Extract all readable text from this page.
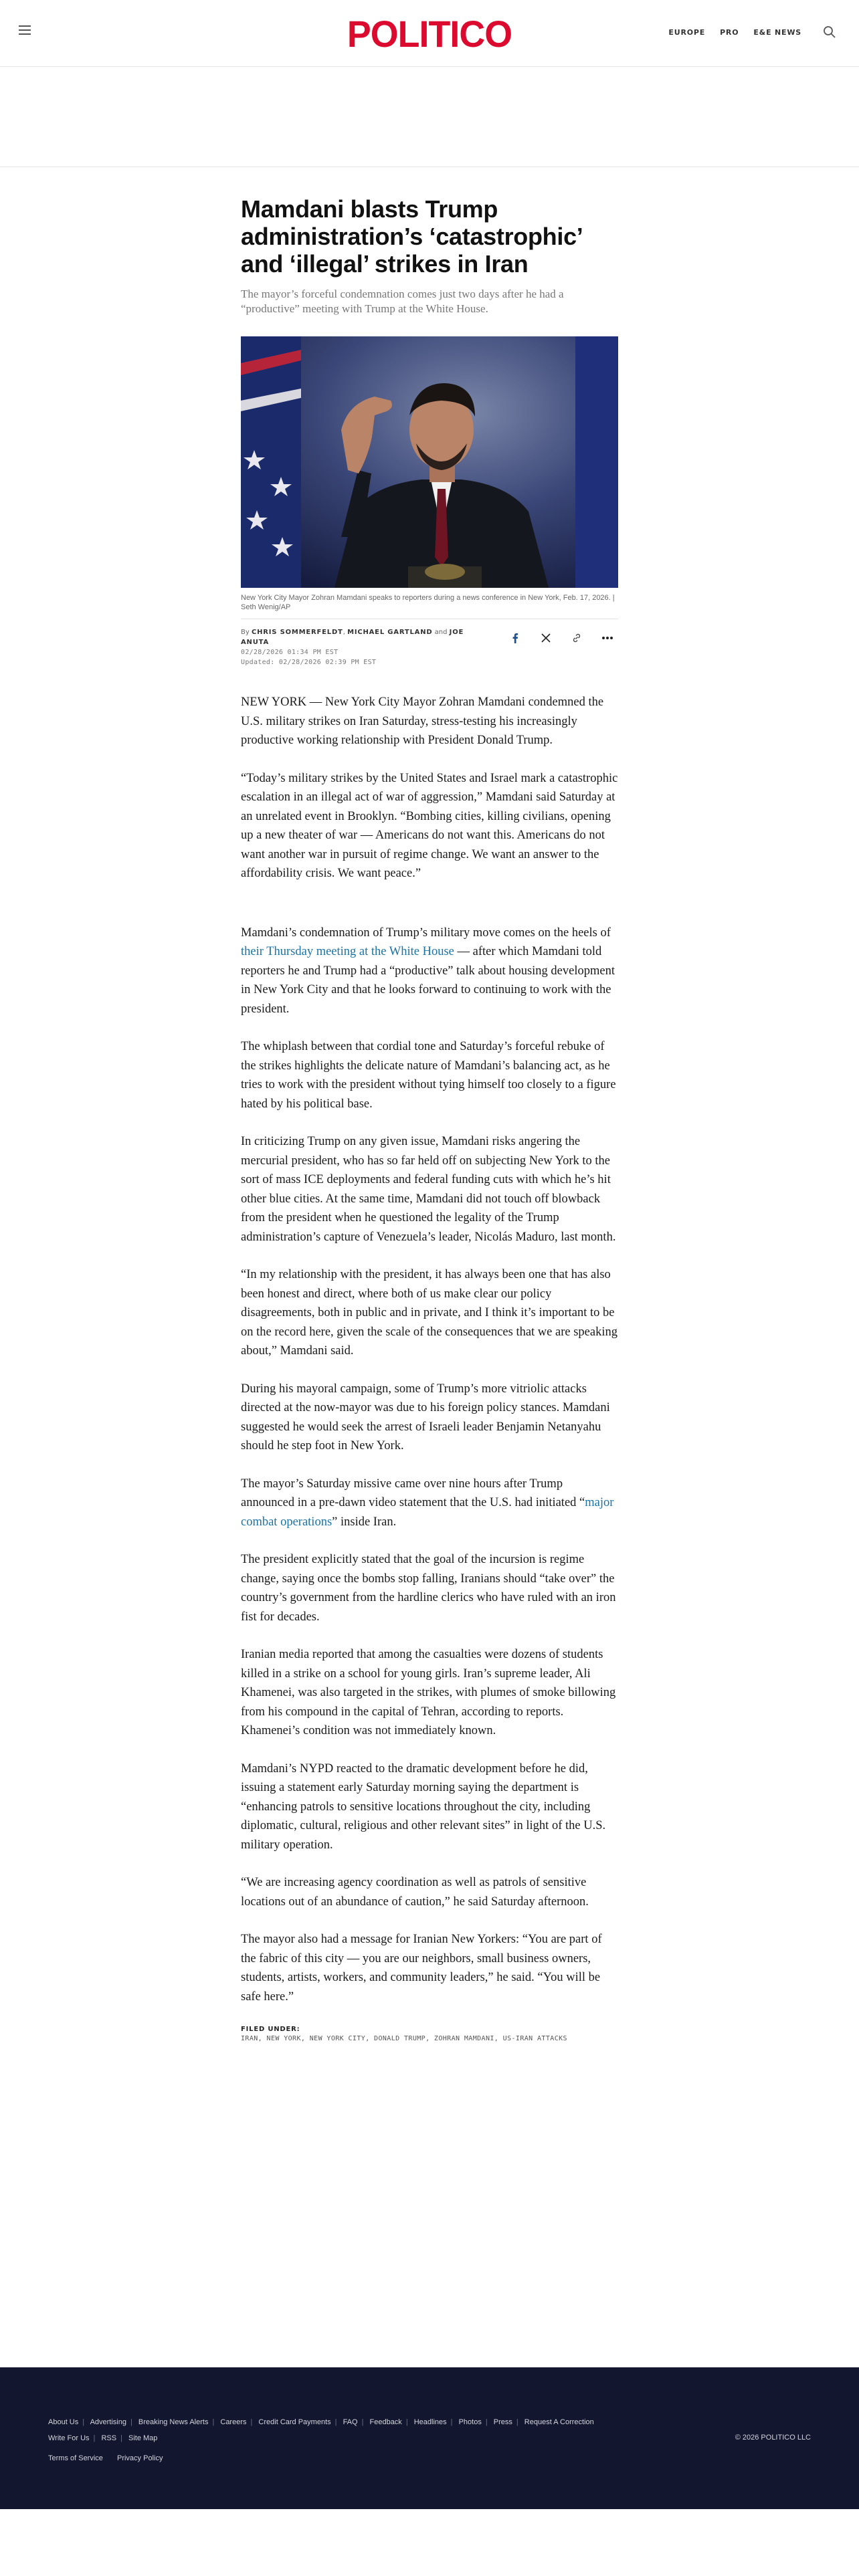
POLITICO	EUROPE PRO E&E NEWS
Mamdani blasts Trump administration’s ‘catastrophic’ and ‘illegal’ strikes in Iran

The mayor’s forceful condemnation comes just two days after he had a “productive” meeting with Trump at the White House.

New York City Mayor Zohran Mamdani speaks to reporters during a news conference in New York, Feb. 17, 2026. | Seth Wenig/AP

By CHRIS SOMMERFELDT, MICHAEL GARTLAND and JOE ANUTA
02/28/2026 01:34 PM EST
Updated: 02/28/2026 02:39 PM EST

NEW YORK — New York City Mayor Zohran Mamdani condemned the U.S. military strikes on Iran Saturday, stress-testing his increasingly productive working relationship with President Donald Trump.

“Today’s military strikes by the United States and Israel mark a catastrophic escalation in an illegal act of war of aggression,” Mamdani said Saturday at an unrelated event in Brooklyn. “Bombing cities, killing civilians, opening up a new theater of war — Americans do not want this. Americans do not want another war in pursuit of regime change. We want an answer to the affordability crisis. We want peace.”

Mamdani’s condemnation of Trump’s military move comes on the heels of their Thursday meeting at the White House — after which Mamdani told reporters he and Trump had a “productive” talk about housing development in New York City and that he looks forward to continuing to work with the president.

The whiplash between that cordial tone and Saturday’s forceful rebuke of the strikes highlights the delicate nature of Mamdani’s balancing act, as he tries to work with the president without tying himself too closely to a figure hated by his political base.

In criticizing Trump on any given issue, Mamdani risks angering the mercurial president, who has so far held off on subjecting New York to the sort of mass ICE deployments and federal funding cuts with which he’s hit other blue cities. At the same time, Mamdani did not touch off blowback from the president when he questioned the legality of the Trump administration’s capture of Venezuela’s leader, Nicolás Maduro, last month.

“In my relationship with the president, it has always been one that has also been honest and direct, where both of us make clear our policy disagreements, both in public and in private, and I think it’s important to be on the record here, given the scale of the consequences that we are speaking about,” Mamdani said.

During his mayoral campaign, some of Trump’s more vitriolic attacks directed at the now-mayor was due to his foreign policy stances. Mamdani suggested he would seek the arrest of Israeli leader Benjamin Netanyahu should he step foot in New York.

The mayor’s Saturday missive came over nine hours after Trump announced in a pre-dawn video statement that the U.S. had initiated “major combat operations” inside Iran.

The president explicitly stated that the goal of the incursion is regime change, saying once the bombs stop falling, Iranians should “take over” the country’s government from the hardline clerics who have ruled with an iron fist for decades.

Iranian media reported that among the casualties were dozens of students killed in a strike on a school for young girls. Iran’s supreme leader, Ali Khamenei, was also targeted in the strikes, with plumes of smoke billowing from his compound in the capital of Tehran, according to reports. Khamenei’s condition was not immediately known.

Mamdani’s NYPD reacted to the dramatic development before he did, issuing a statement early Saturday morning saying the department is “enhancing patrols to sensitive locations throughout the city, including diplomatic, cultural, religious and other relevant sites” in light of the U.S. military operation.

“We are increasing agency coordination as well as patrols of sensitive locations out of an abundance of caution,” he said Saturday afternoon.

The mayor also had a message for Iranian New Yorkers: “You are part of the fabric of this city — you are our neighbors, small business owners, students, artists, workers, and community leaders,” he said. “You will be safe here.”

FILED UNDER:
IRAN, NEW YORK, NEW YORK CITY, DONALD TRUMP, ZOHRAN MAMDANI, US-IRAN ATTACKS
About Us | Advertising | Breaking News Alerts | Careers | Credit Card Payments | FAQ | Feedback | Headlines | Photos | Press | Request A Correction
Write For Us | RSS | Site Map
Terms of Service Privacy Policy
© 2026 POLITICO LLC
